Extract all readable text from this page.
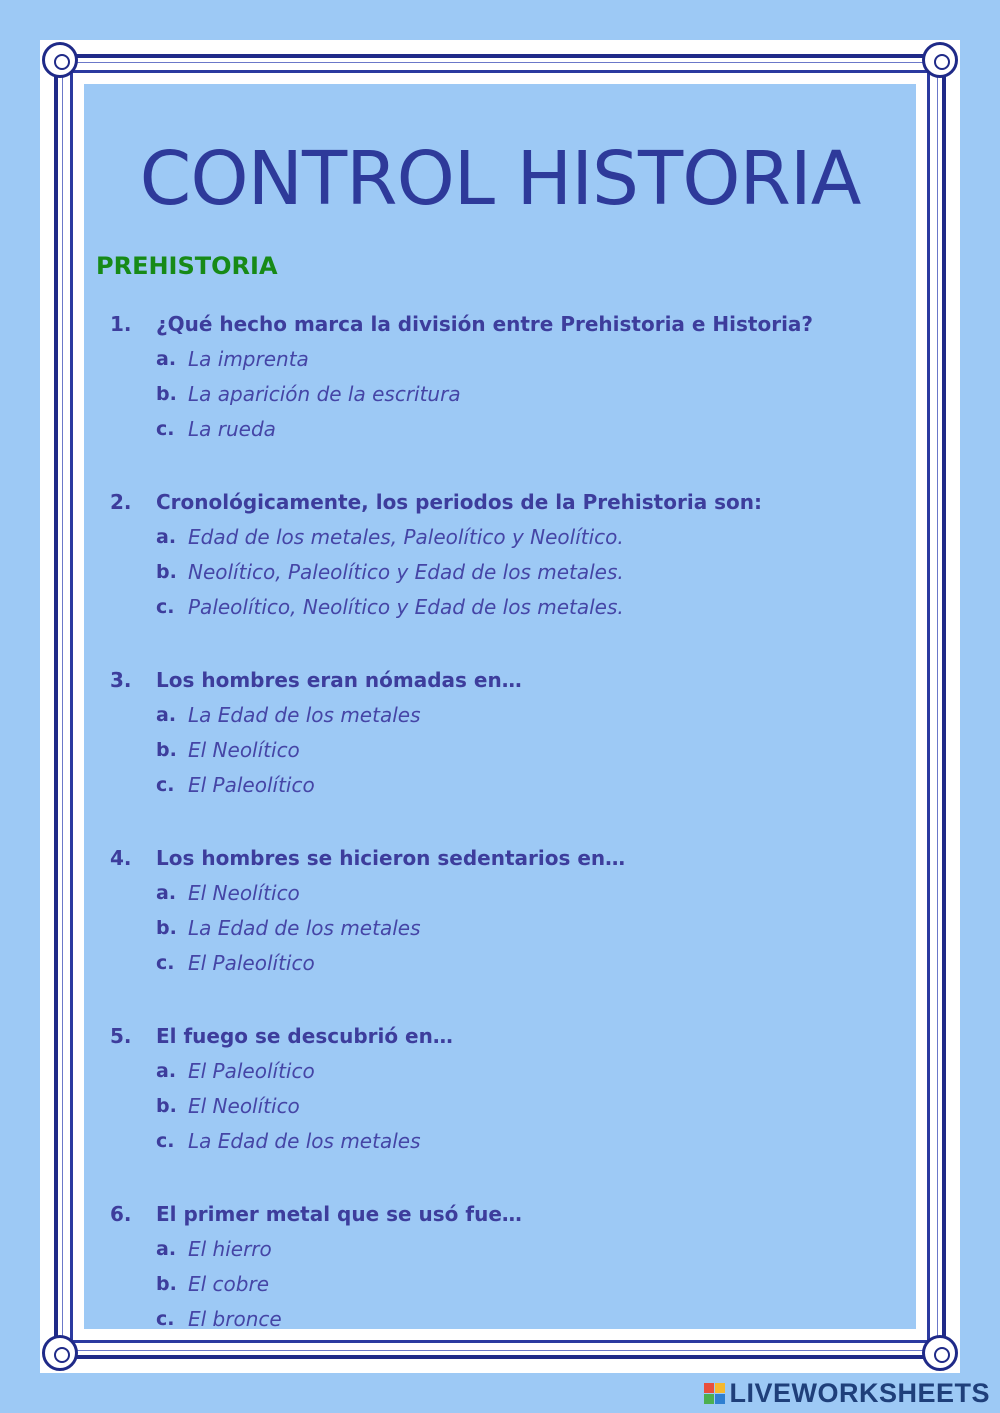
CONTROL HISTORIA
PREHISTORIA
1.	¿Qué hecho marca la división entre Prehistoria e Historia?
a. La imprenta
b. La aparición de la escritura
c. La rueda
2.	Cronológicamente, los periodos de la Prehistoria son:
a. Edad de los metales, Paleolítico y Neolítico.
b. Neolítico, Paleolítico y Edad de los metales.
c. Paleolítico, Neolítico y Edad de los metales.
3.	Los hombres eran nómadas en…
a. La Edad de los metales
b. El Neolítico
c. El Paleolítico
4.	Los hombres se hicieron sedentarios en…
a. El Neolítico
b. La Edad de los metales
c. El Paleolítico
5.	El fuego se descubrió en…
a. El Paleolítico
b. El Neolítico
c. La Edad de los metales
6.	El primer metal que se usó fue…
a. El hierro
b. El cobre
c. El bronce
LIVEWORKSHEETS
